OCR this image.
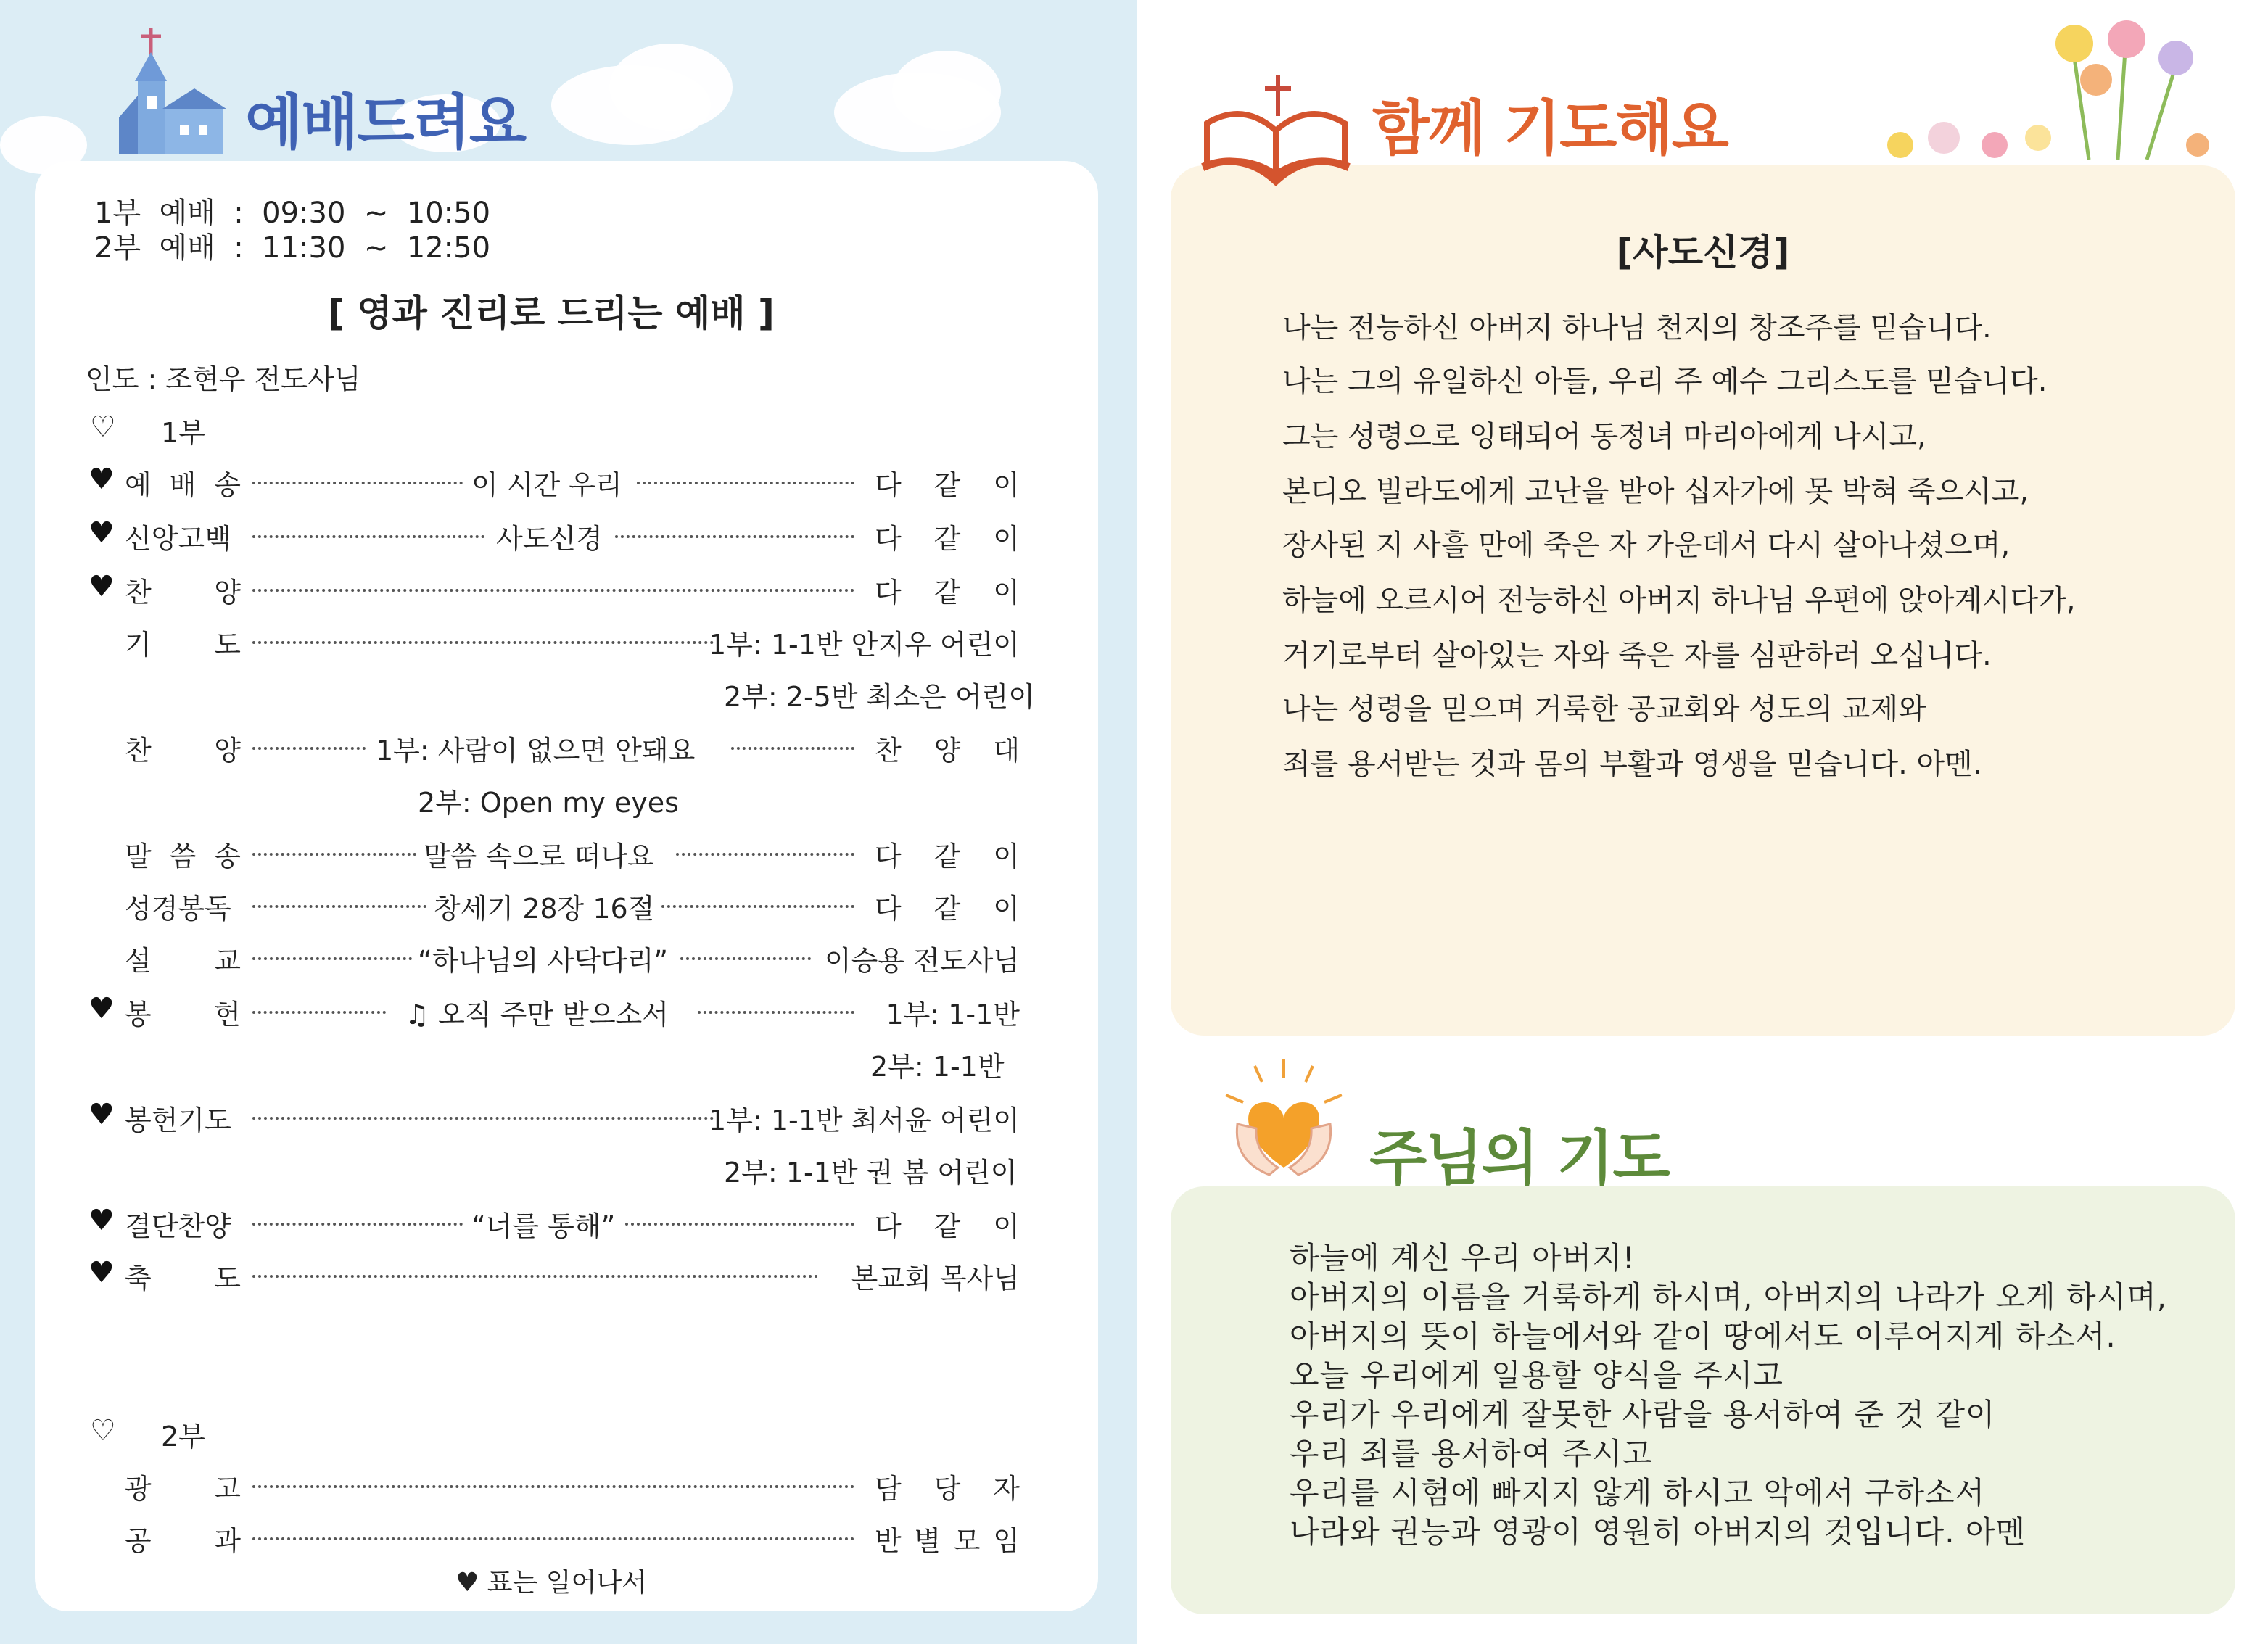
예배드려요
1부  예배  :  09:30  ~  10:50
2부  예배  :  11:30  ~  12:50
[ 영과 진리로 드리는 예배 ]
인도 : 조현우 전도사님
♡ 1부
♥ 예 배 송	이 시간 우리	다 같 이
♥ 신앙고백	사도신경	다 같 이
♥ 찬 양	다 같 이
기 도	1부: 1-1반 안지우 어린이
2부: 2-5반 최소은 어린이
찬 양	1부: 사람이 없으면 안돼요	찬 양 대
2부: Open my eyes
말 씀 송	말씀 속으로 떠나요	다 같 이
성경봉독	창세기 28장 16절	다 같 이
설 교	“하나님의 사닥다리”	이승용 전도사님
♥ 봉 헌	♫ 오직 주만 받으소서	1부: 1-1반
2부: 1-1반
♥ 봉헌기도	1부: 1-1반 최서윤 어린이
2부: 1-1반 권 봄 어린이
♥ 결단찬양	“너를 통해”	다 같 이
♥ 축 도	본교회 목사님
♡ 2부
광 고	담 당 자
공 과	반 별 모 임
♥ 표는 일어나서
함께 기도해요
[사도신경]
나는 전능하신 아버지 하나님 천지의 창조주를 믿습니다.
나는 그의 유일하신 아들, 우리 주 예수 그리스도를 믿습니다.
그는 성령으로 잉태되어 동정녀 마리아에게 나시고,
본디오 빌라도에게 고난을 받아 십자가에 못 박혀 죽으시고,
장사된 지 사흘 만에 죽은 자 가운데서 다시 살아나셨으며,
하늘에 오르시어 전능하신 아버지 하나님 우편에 앉아계시다가,
거기로부터 살아있는 자와 죽은 자를 심판하러 오십니다.
나는 성령을 믿으며 거룩한 공교회와 성도의 교제와
죄를 용서받는 것과 몸의 부활과 영생을 믿습니다. 아멘.
주님의 기도
하늘에 계신 우리 아버지!
아버지의 이름을 거룩하게 하시며, 아버지의 나라가 오게 하시며,
아버지의 뜻이 하늘에서와 같이 땅에서도 이루어지게 하소서.
오늘 우리에게 일용할 양식을 주시고
우리가 우리에게 잘못한 사람을 용서하여 준 것 같이
우리 죄를 용서하여 주시고
우리를 시험에 빠지지 않게 하시고 악에서 구하소서
나라와 권능과 영광이 영원히 아버지의 것입니다. 아멘
